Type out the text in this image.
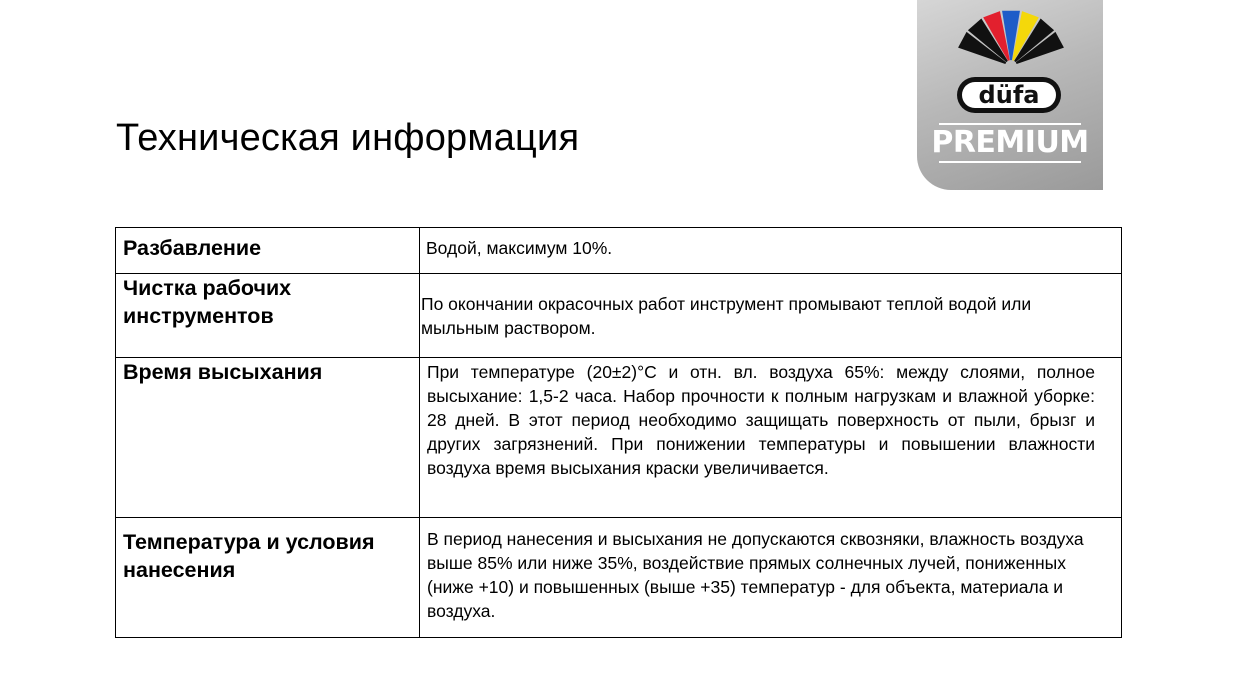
Техническая информация
düfa
PREMIUM
Разбавление	Водой, максимум 10%.
Чистка рабочих инструментов	По окончании окрасочных работ инструмент промывают теплой водой или мыльным раствором.
Время высыхания	При температуре (20±2)°С и отн. вл. воздуха 65%: между слоями, полное высыхание: 1,5-2 часа. Набор прочности к полным нагрузкам и влажной уборке: 28 дней. В этот период необходимо защищать поверхность от пыли, брызг и других загрязнений. При понижении температуры и повышении влажности воздуха время высыхания краски увеличивается.
Температура и условия нанесения	В период нанесения и высыхания не допускаются сквозняки, влажность воздуха выше 85% или ниже 35%, воздействие прямых солнечных лучей, пониженных (ниже +10) и повышенных (выше +35) температур - для объекта, материала и воздуха.
